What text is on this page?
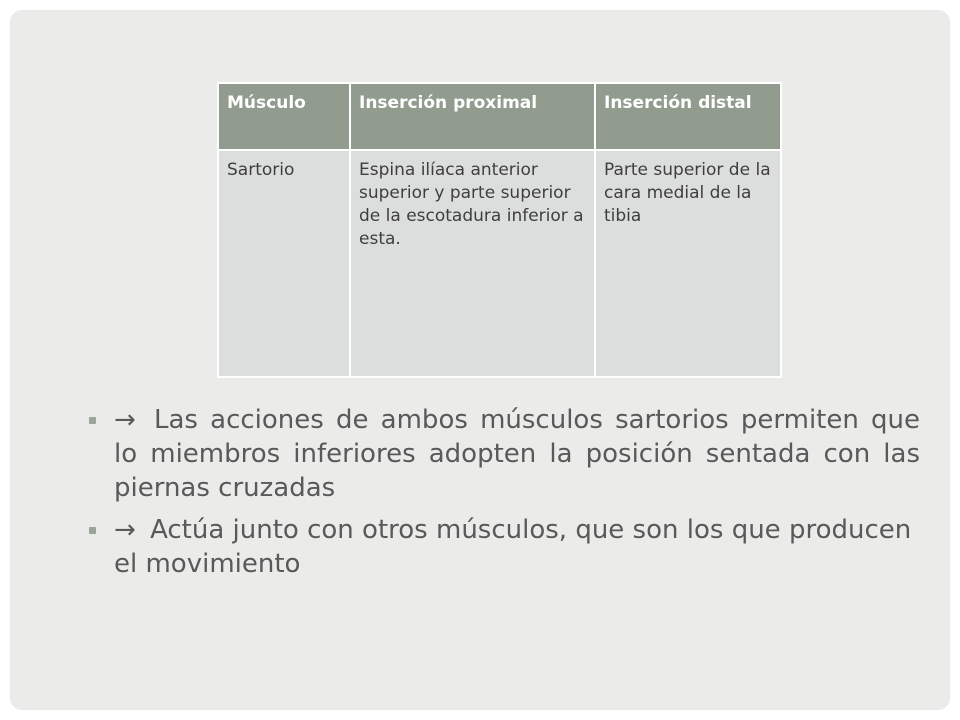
Músculo	Inserción proximal	Inserción distal
Sartorio	Espina ilíaca anterior superior y parte superior de la escotadura inferior a esta.	Parte superior de la cara medial de la tibia
→ Las acciones de ambos músculos sartorios permiten que lo miembros inferiores adopten la posición sentada con las piernas cruzadas
→ Actúa junto con otros músculos, que son los que producen el movimiento
